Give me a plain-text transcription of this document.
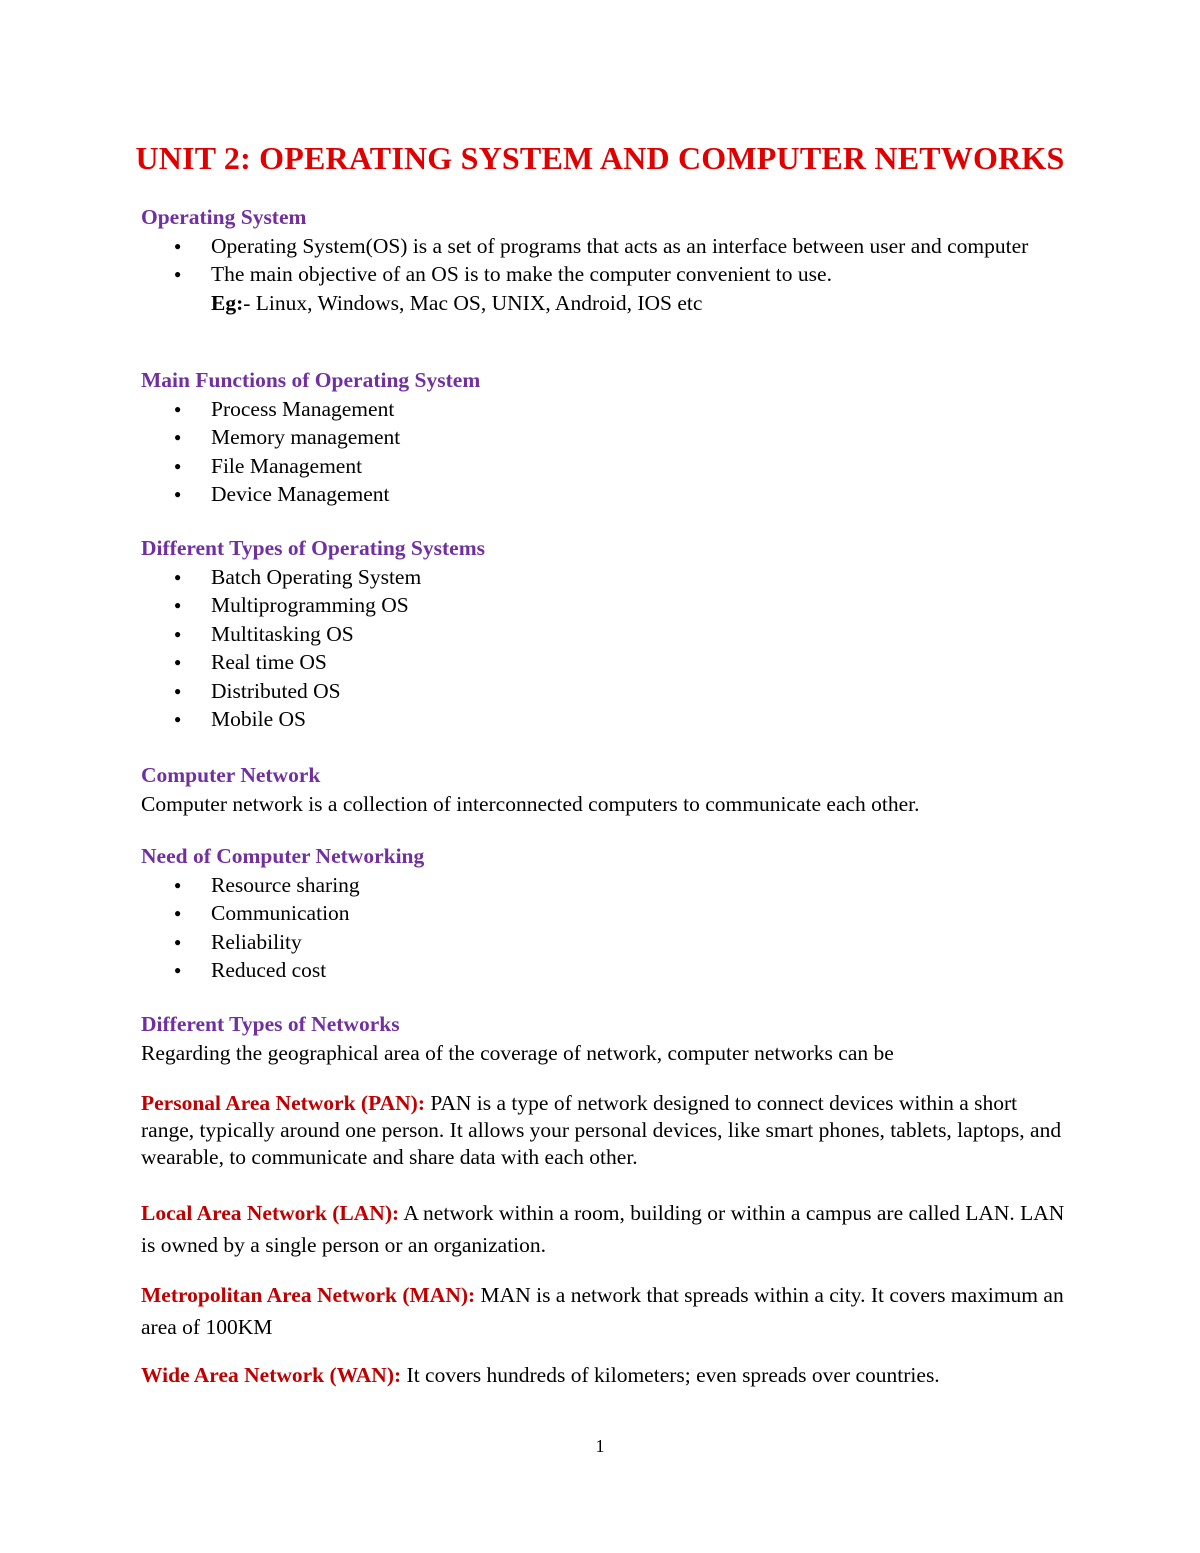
UNIT 2: OPERATING SYSTEM AND COMPUTER NETWORKS
Operating System
● Operating System(OS) is a set of programs that acts as an interface between user and computer
● The main objective of an OS is to make the computer convenient to use.
Eg:- Linux, Windows, Mac OS, UNIX, Android, IOS etc
Main Functions of Operating System
● Process Management
● Memory management
● File Management
● Device Management
Different Types of Operating Systems
● Batch Operating System
● Multiprogramming OS
● Multitasking OS
● Real time OS
● Distributed OS
● Mobile OS
Computer Network
Computer network is a collection of interconnected computers to communicate each other.
Need of Computer Networking
● Resource sharing
● Communication
● Reliability
● Reduced cost
Different Types of Networks
Regarding the geographical area of the coverage of network, computer networks can be
Personal Area Network (PAN): PAN is a type of network designed to connect devices within a short range, typically around one person. It allows your personal devices, like smart phones, tablets, laptops, and wearable, to communicate and share data with each other.
Local Area Network (LAN): A network within a room, building or within a campus are called LAN. LAN is owned by a single person or an organization.
Metropolitan Area Network (MAN): MAN is a network that spreads within a city. It covers maximum an area of 100KM
Wide Area Network (WAN): It covers hundreds of kilometers; even spreads over countries.
1
